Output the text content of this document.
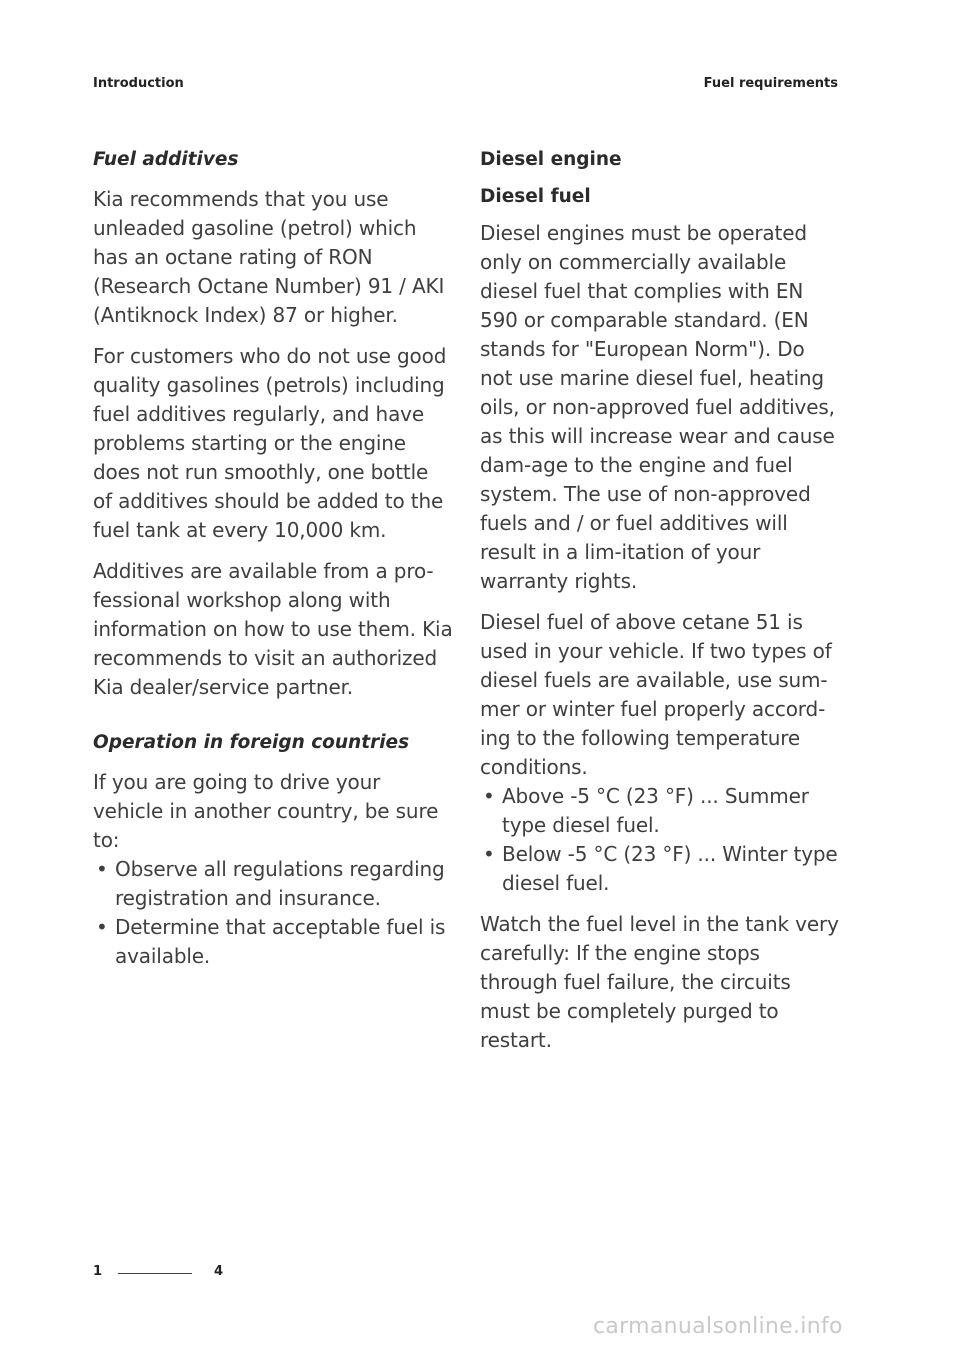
Introduction	Fuel requirements
Fuel additives

Kia recommends that you use unleaded gasoline (petrol) which has an octane rating of RON (Research Octane Number) 91 / AKI (Antiknock Index) 87 or higher.

For customers who do not use good quality gasolines (petrols) including fuel additives regularly, and have problems starting or the engine does not run smoothly, one bottle of additives should be added to the fuel tank at every 10,000 km.

Additives are available from a pro-fessional workshop along with information on how to use them. Kia recommends to visit an authorized Kia dealer/service partner.

Operation in foreign countries

If you are going to drive your vehicle in another country, be sure to:

• Observe all regulations regarding registration and insurance.
• Determine that acceptable fuel is available.
Diesel engine
Diesel fuel

Diesel engines must be operated only on commercially available diesel fuel that complies with EN 590 or comparable standard. (EN stands for "European Norm"). Do not use marine diesel fuel, heating oils, or non-approved fuel additives, as this will increase wear and cause dam-age to the engine and fuel system. The use of non-approved fuels and / or fuel additives will result in a lim-itation of your warranty rights.

Diesel fuel of above cetane 51 is used in your vehicle. If two types of diesel fuels are available, use sum-mer or winter fuel properly accord-ing to the following temperature conditions.

• Above -5 °C (23 °F) ... Summer type diesel fuel.
• Below -5 °C (23 °F) ... Winter type diesel fuel.

Watch the fuel level in the tank very carefully: If the engine stops through fuel failure, the circuits must be completely purged to restart.

1	4
carmanualsonline.info
